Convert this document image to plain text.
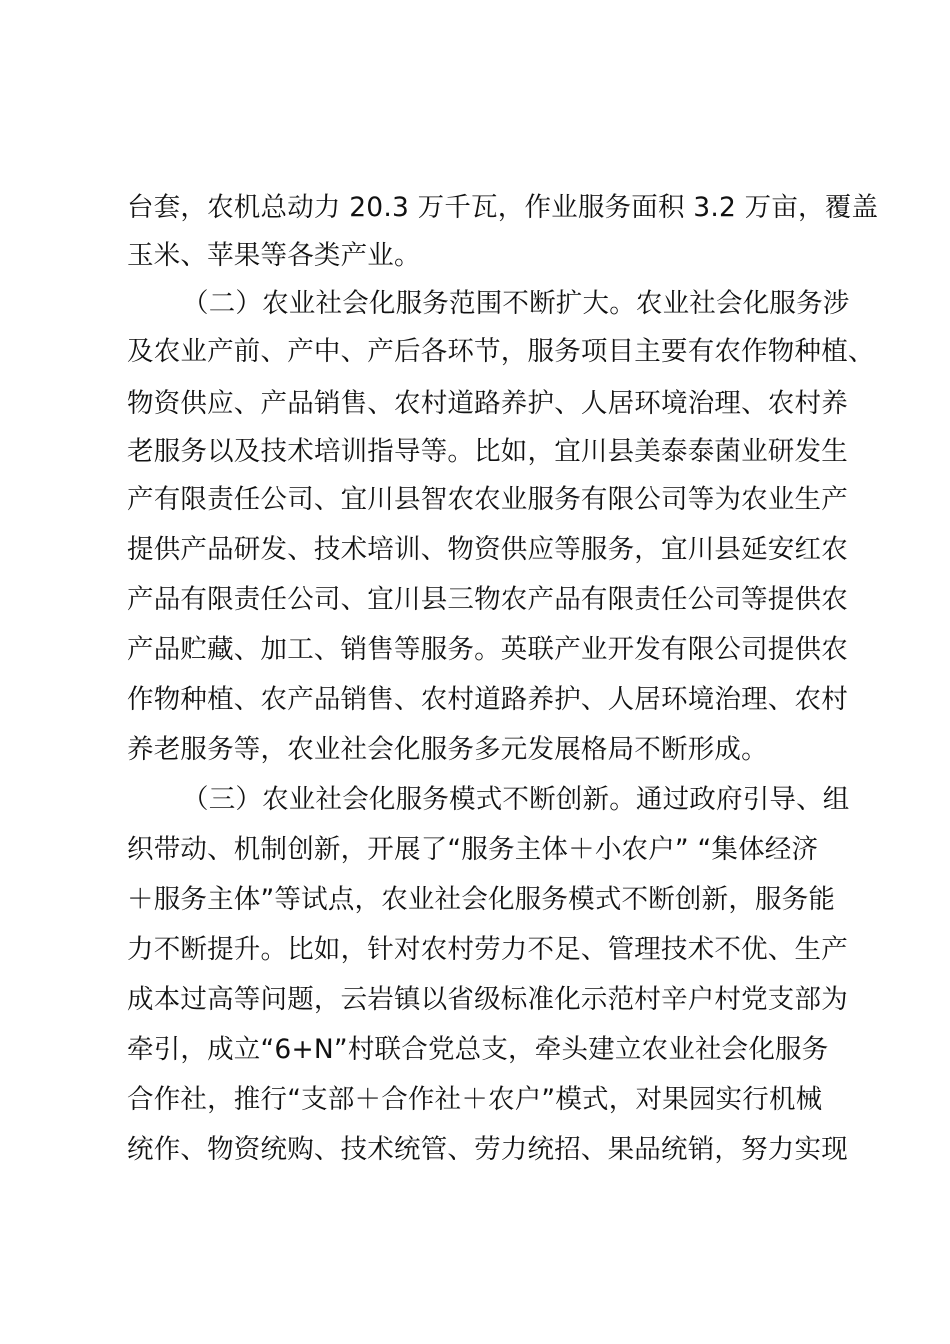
台套，农机总动力 20.3 万千瓦，作业服务面积 3.2 万亩，覆盖
玉米、苹果等各类产业。
（二）农业社会化服务范围不断扩大。农业社会化服务涉
及农业产前、产中、产后各环节，服务项目主要有农作物种植、
物资供应、产品销售、农村道路养护、人居环境治理、农村养
老服务以及技术培训指导等。比如，宜川县美泰泰菌业研发生
产有限责任公司、宜川县智农农业服务有限公司等为农业生产
提供产品研发、技术培训、物资供应等服务，宜川县延安红农
产品有限责任公司、宜川县三物农产品有限责任公司等提供农
产品贮藏、加工、销售等服务。英联产业开发有限公司提供农
作物种植、农产品销售、农村道路养护、人居环境治理、农村
养老服务等，农业社会化服务多元发展格局不断形成。
（三）农业社会化服务模式不断创新。通过政府引导、组
织带动、机制创新，开展了“服务主体＋小农户” “集体经济
＋服务主体”等试点，农业社会化服务模式不断创新，服务能
力不断提升。比如，针对农村劳力不足、管理技术不优、生产
成本过高等问题，云岩镇以省级标准化示范村辛户村党支部为
牵引，成立“6+N”村联合党总支，牵头建立农业社会化服务
合作社，推行“支部＋合作社＋农户”模式，对果园实行机械
统作、物资统购、技术统管、劳力统招、果品统销，努力实现
